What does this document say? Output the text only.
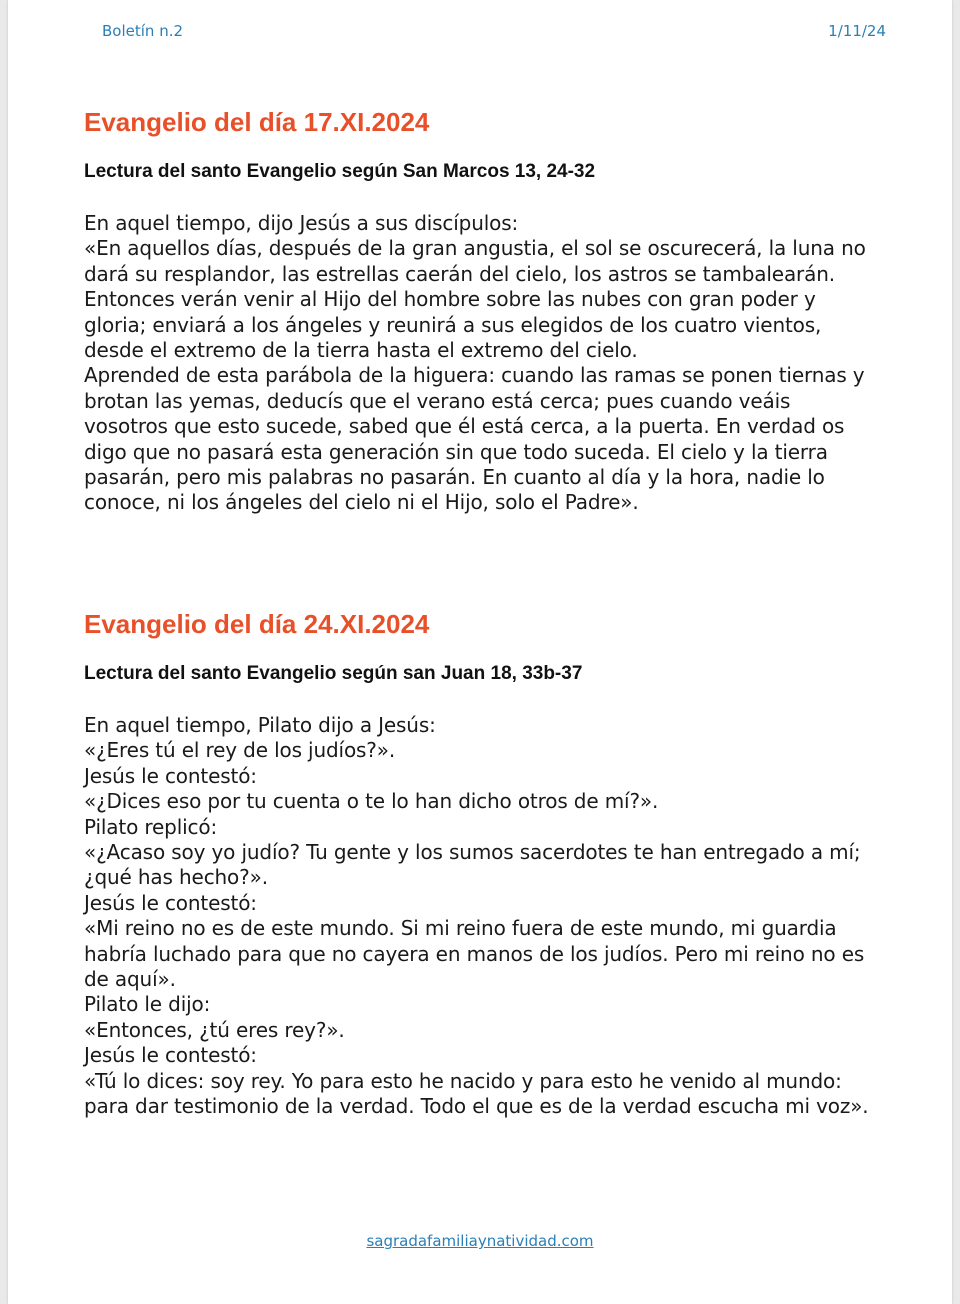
Boletín n.2	1/11/24
Evangelio del día 17.XI.2024
Lectura del santo Evangelio según San Marcos 13, 24-32
En aquel tiempo, dijo Jesús a sus discípulos:
«En aquellos días, después de la gran angustia, el sol se oscurecerá, la luna no
dará su resplandor, las estrellas caerán del cielo, los astros se tambalearán.
Entonces verán venir al Hijo del hombre sobre las nubes con gran poder y
gloria; enviará a los ángeles y reunirá a sus elegidos de los cuatro vientos,
desde el extremo de la tierra hasta el extremo del cielo.
Aprended de esta parábola de la higuera: cuando las ramas se ponen tiernas y
brotan las yemas, deducís que el verano está cerca; pues cuando veáis
vosotros que esto sucede, sabed que él está cerca, a la puerta. En verdad os
digo que no pasará esta generación sin que todo suceda. El cielo y la tierra
pasarán, pero mis palabras no pasarán. En cuanto al día y la hora, nadie lo
conoce, ni los ángeles del cielo ni el Hijo, solo el Padre».
Evangelio del día 24.XI.2024
Lectura del santo Evangelio según san Juan 18, 33b-37
En aquel tiempo, Pilato dijo a Jesús:
«¿Eres tú el rey de los judíos?».
Jesús le contestó:
«¿Dices eso por tu cuenta o te lo han dicho otros de mí?».
Pilato replicó:
«¿Acaso soy yo judío? Tu gente y los sumos sacerdotes te han entregado a mí;
¿qué has hecho?».
Jesús le contestó:
«Mi reino no es de este mundo. Si mi reino fuera de este mundo, mi guardia
habría luchado para que no cayera en manos de los judíos. Pero mi reino no es
de aquí».
Pilato le dijo:
«Entonces, ¿tú eres rey?».
Jesús le contestó:
«Tú lo dices: soy rey. Yo para esto he nacido y para esto he venido al mundo:
para dar testimonio de la verdad. Todo el que es de la verdad escucha mi voz».
sagradafamiliaynatividad.com
